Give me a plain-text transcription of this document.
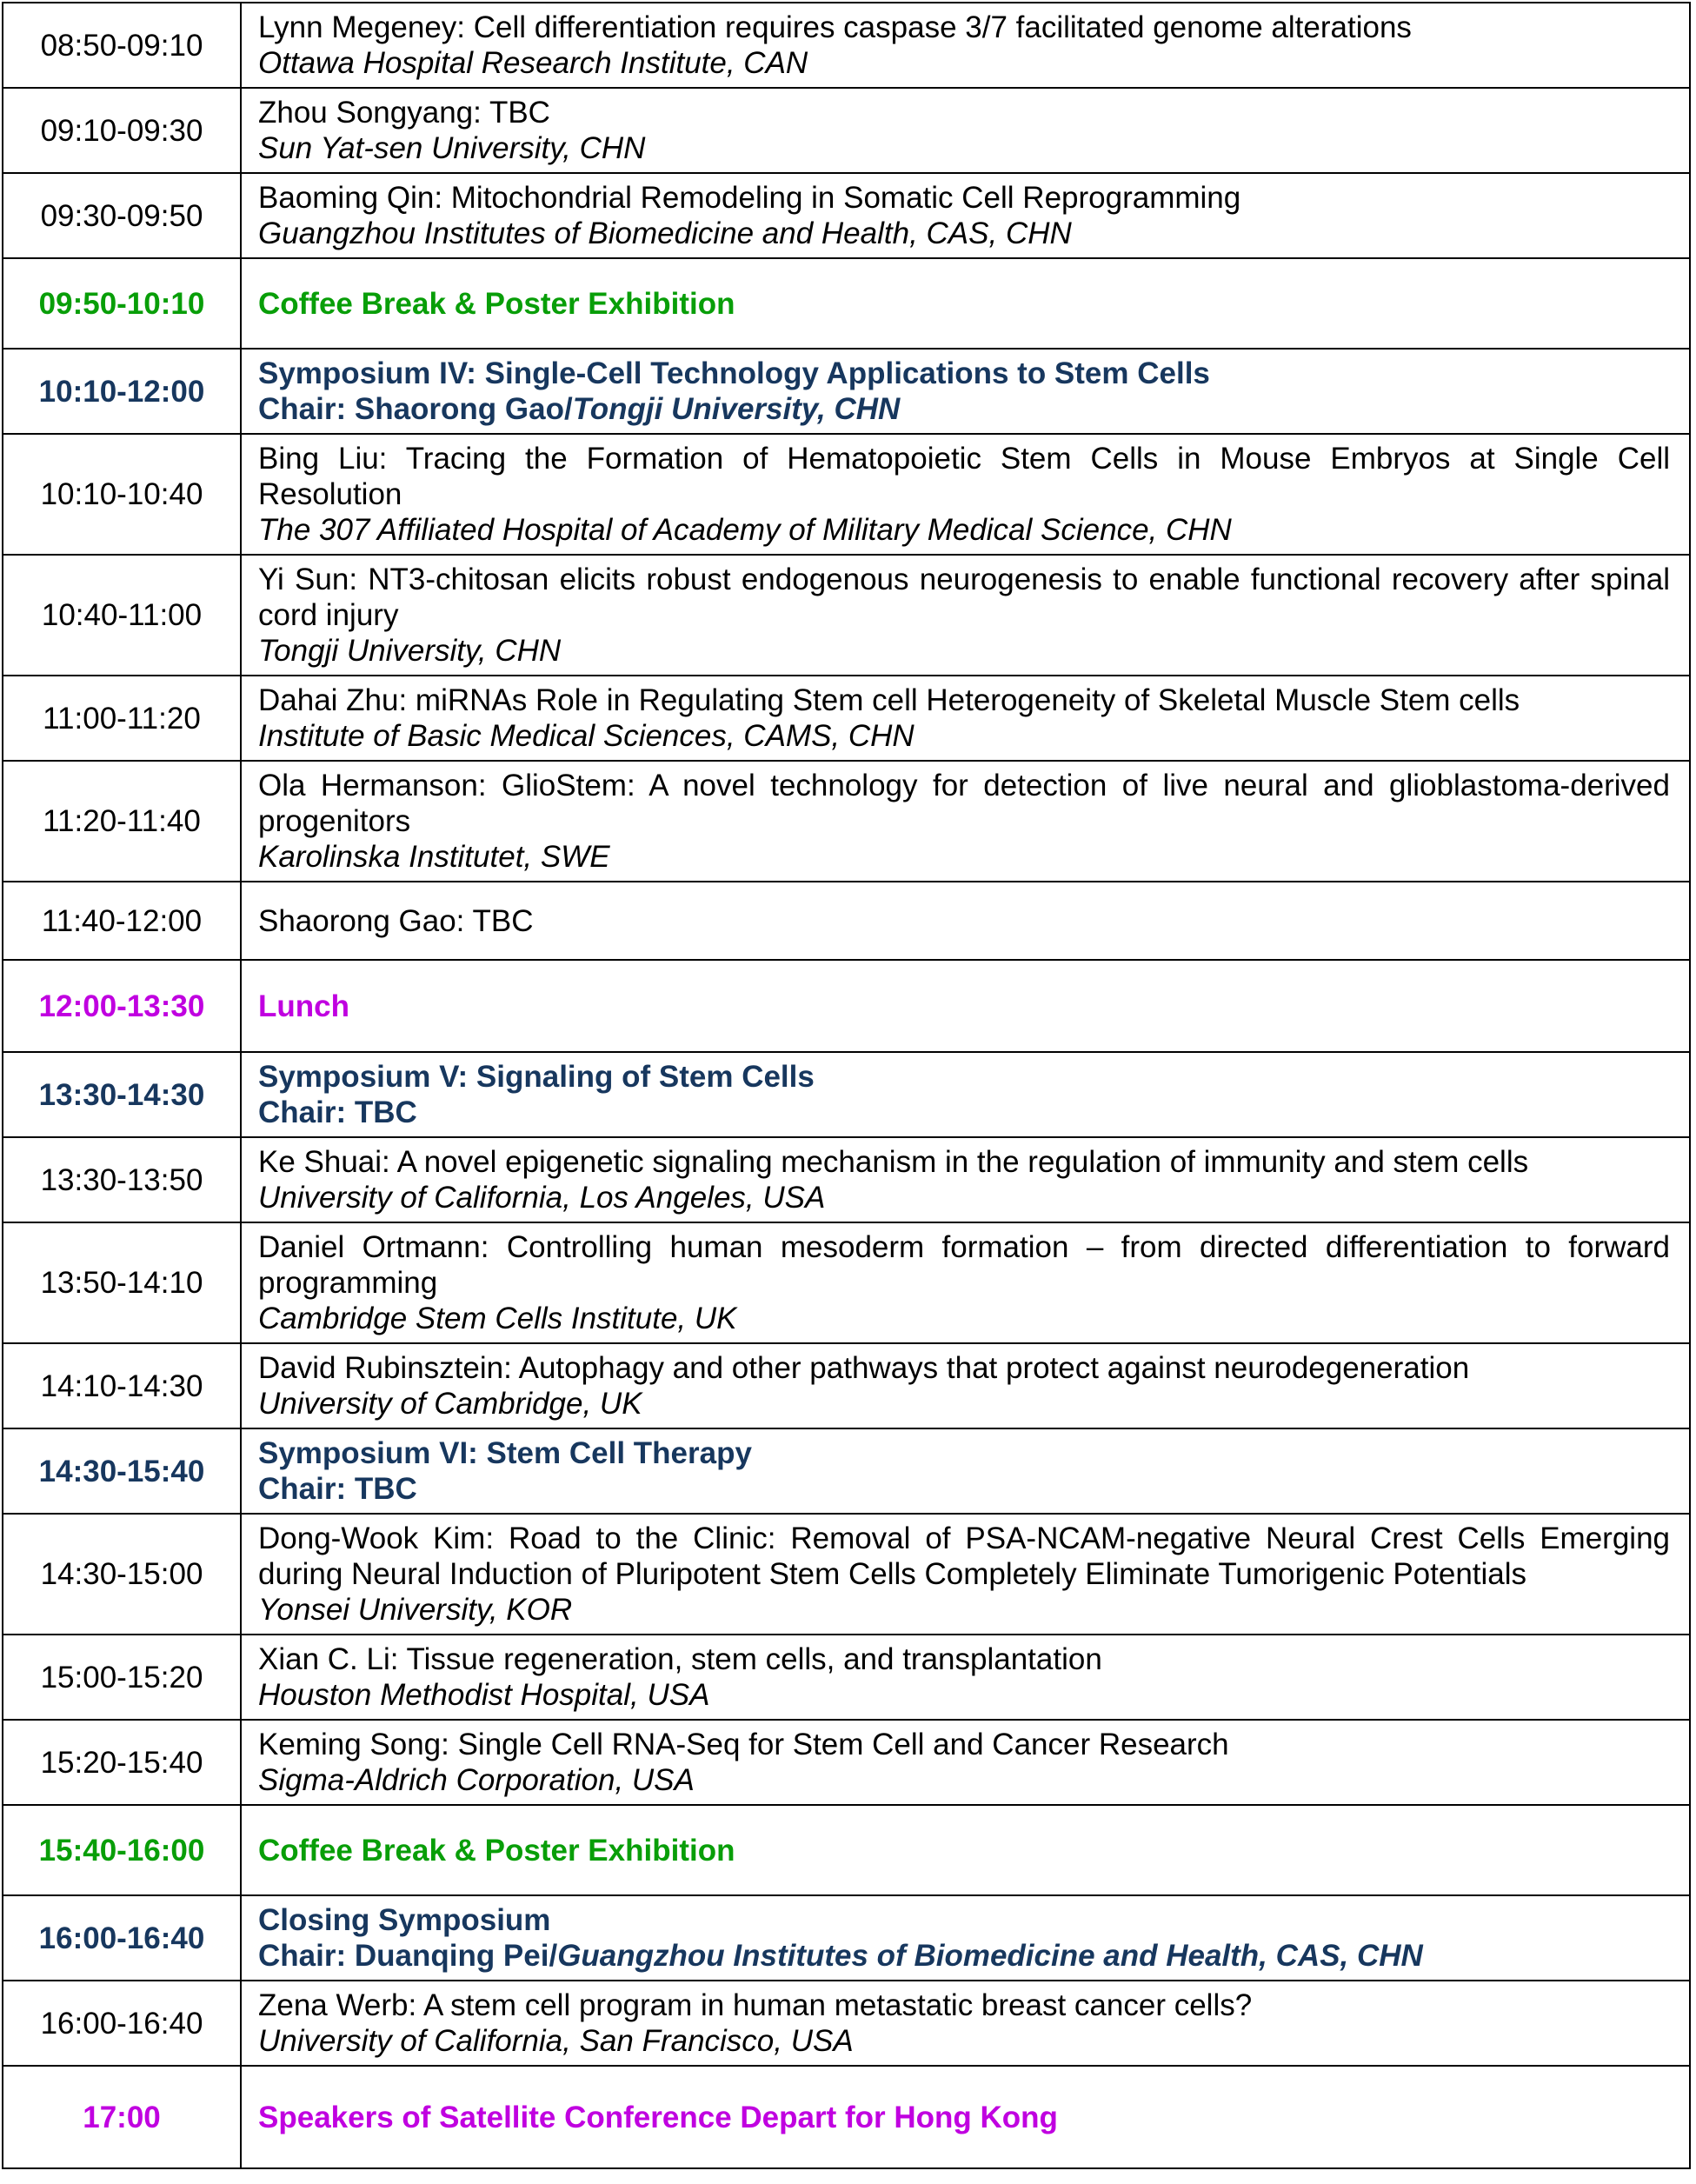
08:50-09:10	Lynn Megeney: Cell differentiation requires caspase 3/7 facilitated genome alterations

Ottawa Hospital Research Institute, CAN

09:10-09:30	Zhou Songyang: TBC

Sun Yat-sen University, CHN

09:30-09:50	Baoming Qin: Mitochondrial Remodeling in Somatic Cell Reprogramming

Guangzhou Institutes of Biomedicine and Health, CAS, CHN

09:50-10:10	Coffee Break & Poster Exhibition

10:10-12:00	Symposium IV: Single-Cell Technology Applications to Stem Cells

Chair: Shaorong Gao/Tongji University, CHN

10:10-10:40	Bing Liu: Tracing the Formation of Hematopoietic Stem Cells in Mouse Embryos at Single Cell Resolution

The 307 Affiliated Hospital of Academy of Military Medical Science, CHN

10:40-11:00	Yi Sun: NT3-chitosan elicits robust endogenous neurogenesis to enable functional recovery after spinal cord injury

Tongji University, CHN

11:00-11:20	Dahai Zhu: miRNAs Role in Regulating Stem cell Heterogeneity of Skeletal Muscle Stem cells

Institute of Basic Medical Sciences, CAMS, CHN

11:20-11:40	Ola Hermanson: GlioStem: A novel technology for detection of live neural and glioblastoma-derived progenitors

Karolinska Institutet, SWE

11:40-12:00	Shaorong Gao: TBC

12:00-13:30	Lunch

13:30-14:30	Symposium V: Signaling of Stem Cells

Chair: TBC

13:30-13:50	Ke Shuai: A novel epigenetic signaling mechanism in the regulation of immunity and stem cells

University of California, Los Angeles, USA

13:50-14:10	Daniel Ortmann: Controlling human mesoderm formation – from directed differentiation to forward programming

Cambridge Stem Cells Institute, UK

14:10-14:30	David Rubinsztein: Autophagy and other pathways that protect against neurodegeneration

University of Cambridge, UK

14:30-15:40	Symposium VI: Stem Cell Therapy

Chair: TBC

14:30-15:00	Dong-Wook Kim: Road to the Clinic: Removal of PSA-NCAM-negative Neural Crest Cells Emerging during Neural Induction of Pluripotent Stem Cells Completely Eliminate Tumorigenic Potentials

Yonsei University, KOR

15:00-15:20	Xian C. Li: Tissue regeneration, stem cells, and transplantation

Houston Methodist Hospital, USA

15:20-15:40	Keming Song: Single Cell RNA-Seq for Stem Cell and Cancer Research

Sigma-Aldrich Corporation, USA

15:40-16:00	Coffee Break & Poster Exhibition

16:00-16:40	Closing Symposium

Chair: Duanqing Pei/Guangzhou Institutes of Biomedicine and Health, CAS, CHN

16:00-16:40	Zena Werb: A stem cell program in human metastatic breast cancer cells?

University of California, San Francisco, USA

17:00	Speakers of Satellite Conference Depart for Hong Kong
